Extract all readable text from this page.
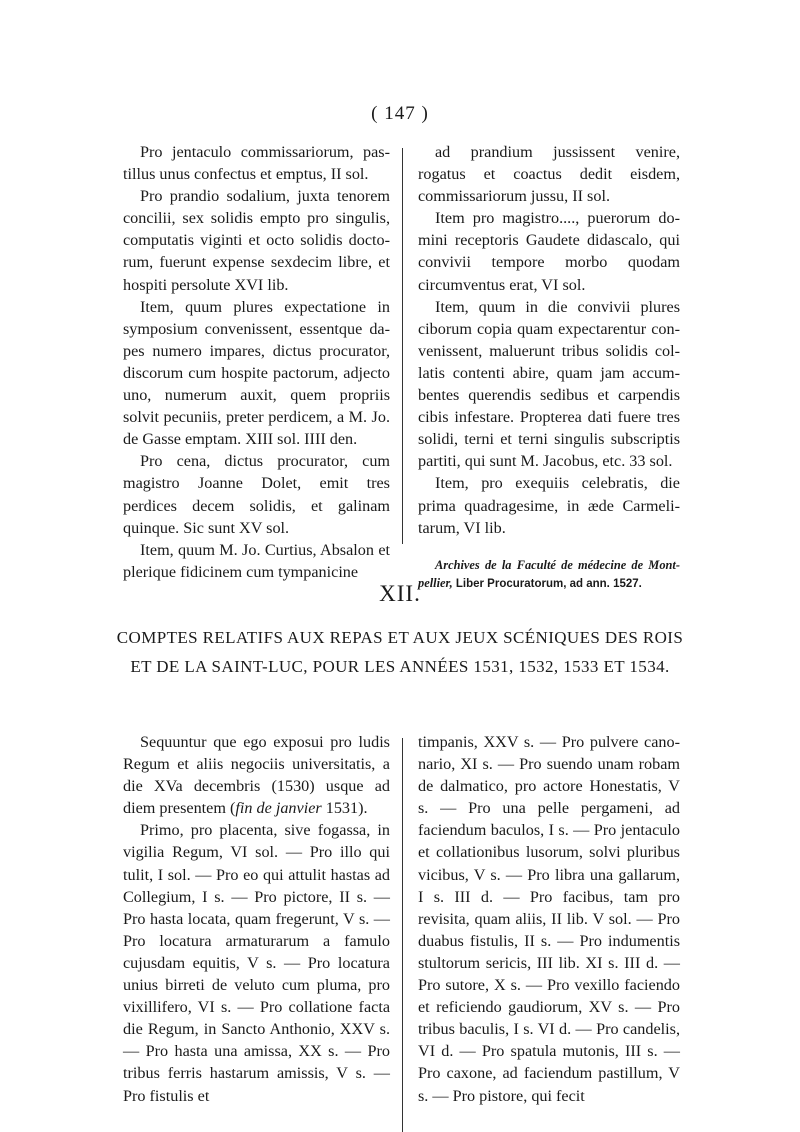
( 147 )

Pro jentaculo commissariorum, pastillus unus confectus et emptus, II sol.

Pro prandio sodalium, juxta tenorem concilii, sex solidis empto pro singulis, computatis viginti et octo solidis doctorum, fuerunt expense sexdecim libre, et hospiti persolute XVI lib.

Item, quum plures expectatione in symposium convenissent, essentque dapes numero impares, dictus procurator, discorum cum hospite pactorum, adjecto uno, numerum auxit, quem propriis solvit pecuniis, preter perdicem, a M. Jo. de Gasse emptam. XIII sol. IIII den.

Pro cena, dictus procurator, cum magistro Joanne Dolet, emit tres perdices decem solidis, et galinam quinque. Sic sunt XV sol.

Item, quum M. Jo. Curtius, Absalon et plerique fidicinem cum tympanicine

ad prandium jussissent venire, rogatus et coactus dedit eisdem, commissariorum jussu, II sol.

Item pro magistro...., puerorum domini receptoris Gaudete didascalo, qui convivii tempore morbo quodam circumventus erat, VI sol.

Item, quum in die convivii plures ciborum copia quam expectarentur convenissent, maluerunt tribus solidis collatis contenti abire, quam jam accumbentes querendis sedibus et carpendis cibis infestare. Propterea dati fuere tres solidi, terni et terni singulis subscriptis partiti, qui sunt M. Jacobus, etc. 33 sol.

Item, pro exequiis celebratis, die prima quadragesime, in æde Carmelitarum, VI lib.

Archives de la Faculté de médecine de Montpellier, Liber Procuratorum, ad ann. 1527.

XII.
COMPTES RELATIFS AUX REPAS ET AUX JEUX SCÉNIQUES DES ROIS
ET DE LA SAINT-LUC, POUR LES ANNÉES 1531, 1532, 1533 ET 1534.

Sequuntur que ego exposui pro ludis Regum et aliis negociis universitatis, a die XVa decembris (1530) usque ad diem presentem (fin de janvier 1531).

Primo, pro placenta, sive fogassa, in vigilia Regum, VI sol. — Pro illo qui tulit, I sol. — Pro eo qui attulit hastas ad Collegium, I s. — Pro pictore, II s. — Pro hasta locata, quam fregerunt, V s. — Pro locatura armaturarum a famulo cujusdam equitis, V s. — Pro locatura unius birreti de veluto cum pluma, pro vixillifero, VI s. — Pro collatione facta die Regum, in Sancto Anthonio, XXV s. — Pro hasta una amissa, XX s. — Pro tribus ferris hastarum amissis, V s. — Pro fistulis et

timpanis, XXV s. — Pro pulvere canonario, XI s. — Pro suendo unam robam de dalmatico, pro actore Honestatis, V s. — Pro una pelle pergameni, ad faciendum baculos, I s. — Pro jentaculo et collationibus lusorum, solvi pluribus vicibus, V s. — Pro libra una gallarum, I s. III d. — Pro facibus, tam pro revisita, quam aliis, II lib. V sol. — Pro duabus fistulis, II s. — Pro indumentis stultorum sericis, III lib. XI s. III d. — Pro sutore, X s. — Pro vexillo faciendo et reficiendo gaudiorum, XV s. — Pro tribus baculis, I s. VI d. — Pro candelis, VI d. — Pro spatula mutonis, III s. — Pro caxone, ad faciendum pastillum, V s. — Pro pistore, qui fecit
